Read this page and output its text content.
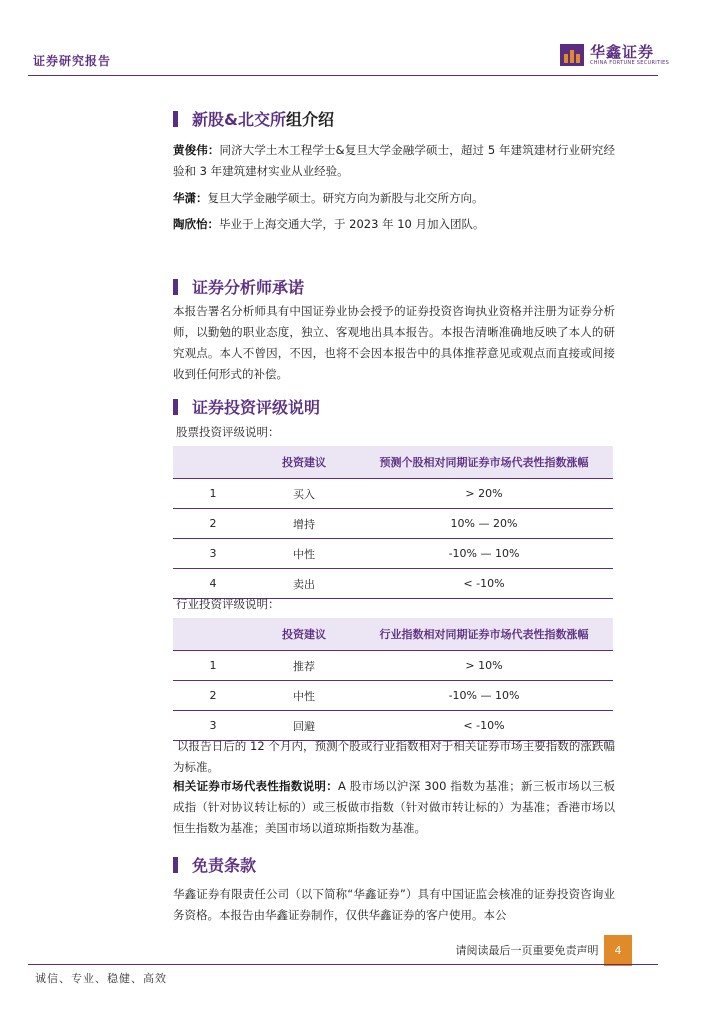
证券研究报告	华鑫证券
CHINA FORTUNE SECURITIES
新股&北交所 组介绍
黄俊伟：同济大学土木工程学士&复旦大学金融学硕士，超过 5 年建筑建材行业研究经验和 3 年建筑建材实业从业经验。
华潇：复旦大学金融学硕士。研究方向为新股与北交所方向。
陶欣怡：毕业于上海交通大学，于 2023 年 10 月加入团队。
证券分析师承诺
本报告署名分析师具有中国证券业协会授予的证券投资咨询执业资格并注册为证券分析师，以勤勉的职业态度，独立、客观地出具本报告。本报告清晰准确地反映了本人的研究观点。本人不曾因，不因，也将不会因本报告中的具体推荐意见或观点而直接或间接收到任何形式的补偿。
证券投资评级说明
股票投资评级说明：
	投资建议	预测个股相对同期证券市场代表性指数涨幅
1	买入	> 20%
2	增持	10% — 20%
3	中性	-10% — 10%
4	卖出	< -10%
行业投资评级说明：
	投资建议	行业指数相对同期证券市场代表性指数涨幅
1	推荐	> 10%
2	中性	-10% — 10%
3	回避	< -10%
以报告日后的 12 个月内，预测个股或行业指数相对于相关证券市场主要指数的涨跌幅为标准。
相关证券市场代表性指数说明：A 股市场以沪深 300 指数为基准；新三板市场以三板成指（针对协议转让标的）或三板做市指数（针对做市转让标的）为基准；香港市场以恒生指数为基准；美国市场以道琼斯指数为基准。
免责条款
华鑫证券有限责任公司（以下简称“华鑫证券”）具有中国证监会核准的证券投资咨询业务资格。本报告由华鑫证券制作，仅供华鑫证券的客户使用。本公
请阅读最后一页重要免责声明	4
诚信、专业、稳健、高效
